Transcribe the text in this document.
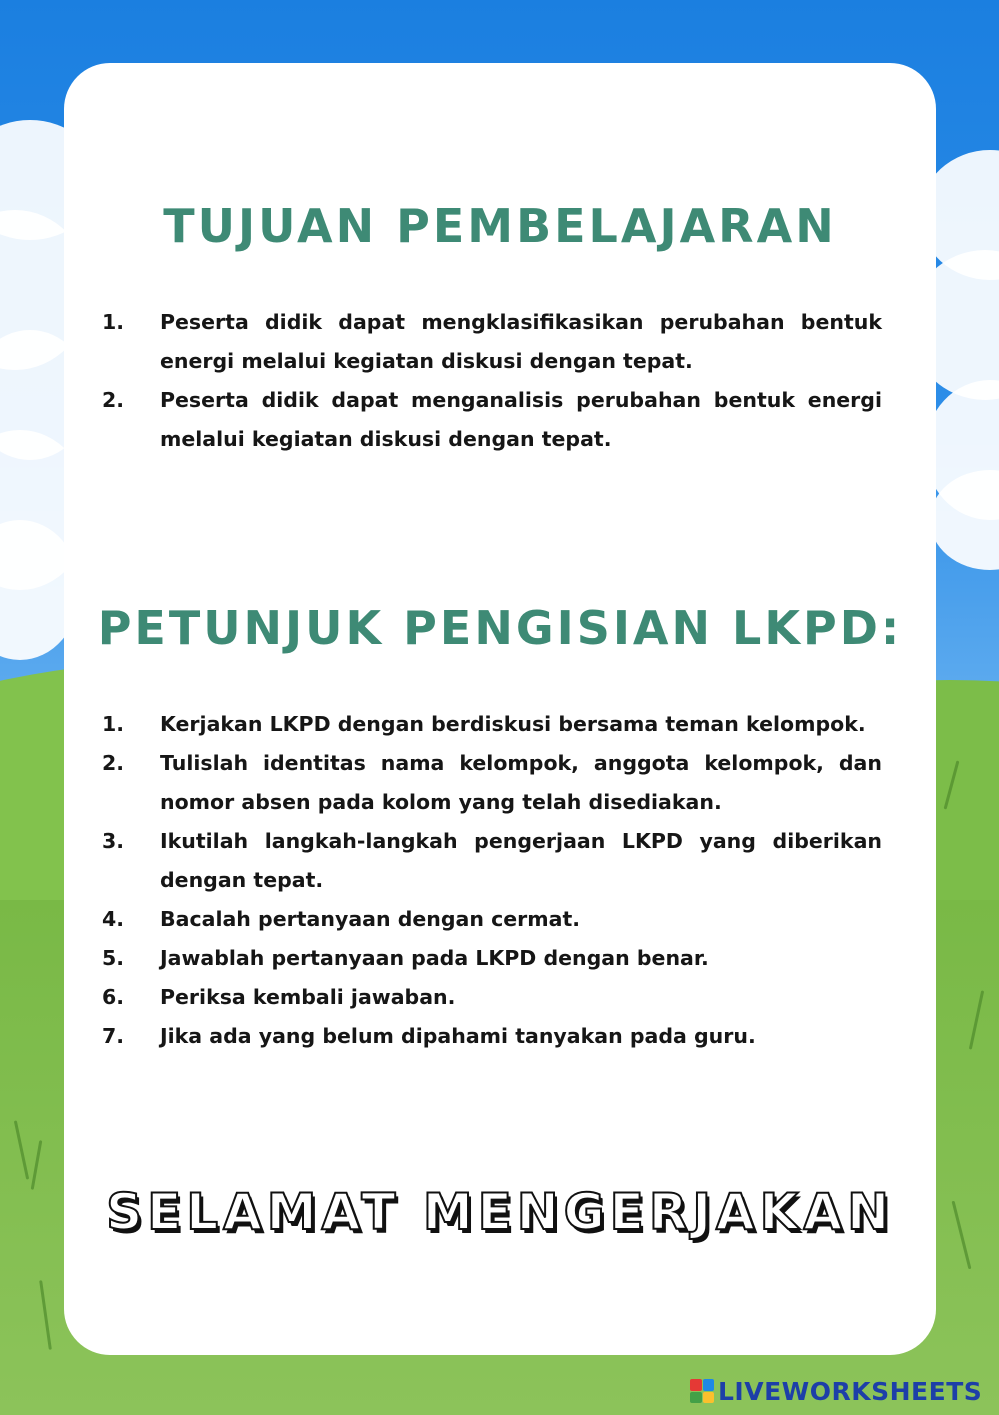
TUJUAN PEMBELAJARAN
1. Peserta didik dapat mengklasifikasikan perubahan bentuk energi melalui kegiatan diskusi dengan tepat.
2. Peserta didik dapat menganalisis perubahan bentuk energi melalui kegiatan diskusi dengan tepat.
PETUNJUK PENGISIAN LKPD:
1. Kerjakan LKPD dengan berdiskusi bersama teman kelompok.
2. Tulislah identitas nama kelompok, anggota kelompok, dan nomor absen pada kolom yang telah disediakan.
3. Ikutilah langkah-langkah pengerjaan LKPD yang diberikan dengan tepat.
4. Bacalah pertanyaan dengan cermat.
5. Jawablah pertanyaan pada LKPD dengan benar.
6. Periksa kembali jawaban.
7. Jika ada yang belum dipahami tanyakan pada guru.
SELAMAT MENGERJAKAN
LIVEWORKSHEETS
